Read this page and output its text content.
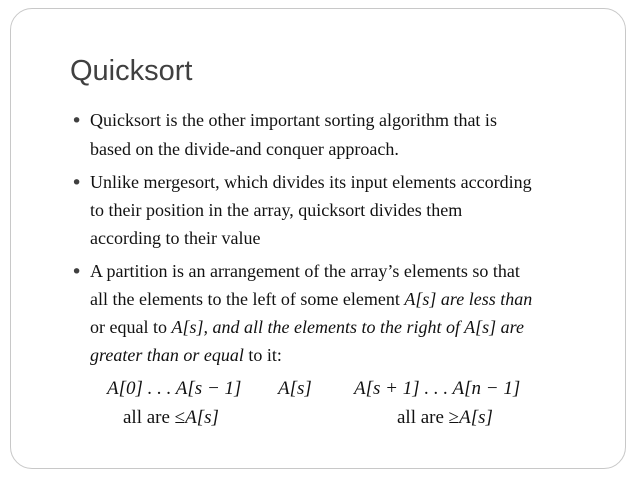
Quicksort
• Quicksort is the other important sorting algorithm that is
based on the divide-and conquer approach.
• Unlike mergesort, which divides its input elements according
to their position in the array, quicksort divides them
according to their value
• A partition is an arrangement of the array’s elements so that
all the elements to the left of some element A[s] are less than
or equal to A[s], and all the elements to the right of A[s] are
greater than or equal to it:
A[0] . . . A[s − 1] A[s] A[s + 1] . . . A[n − 1]
all are ≤A[s]	all are ≥A[s]
